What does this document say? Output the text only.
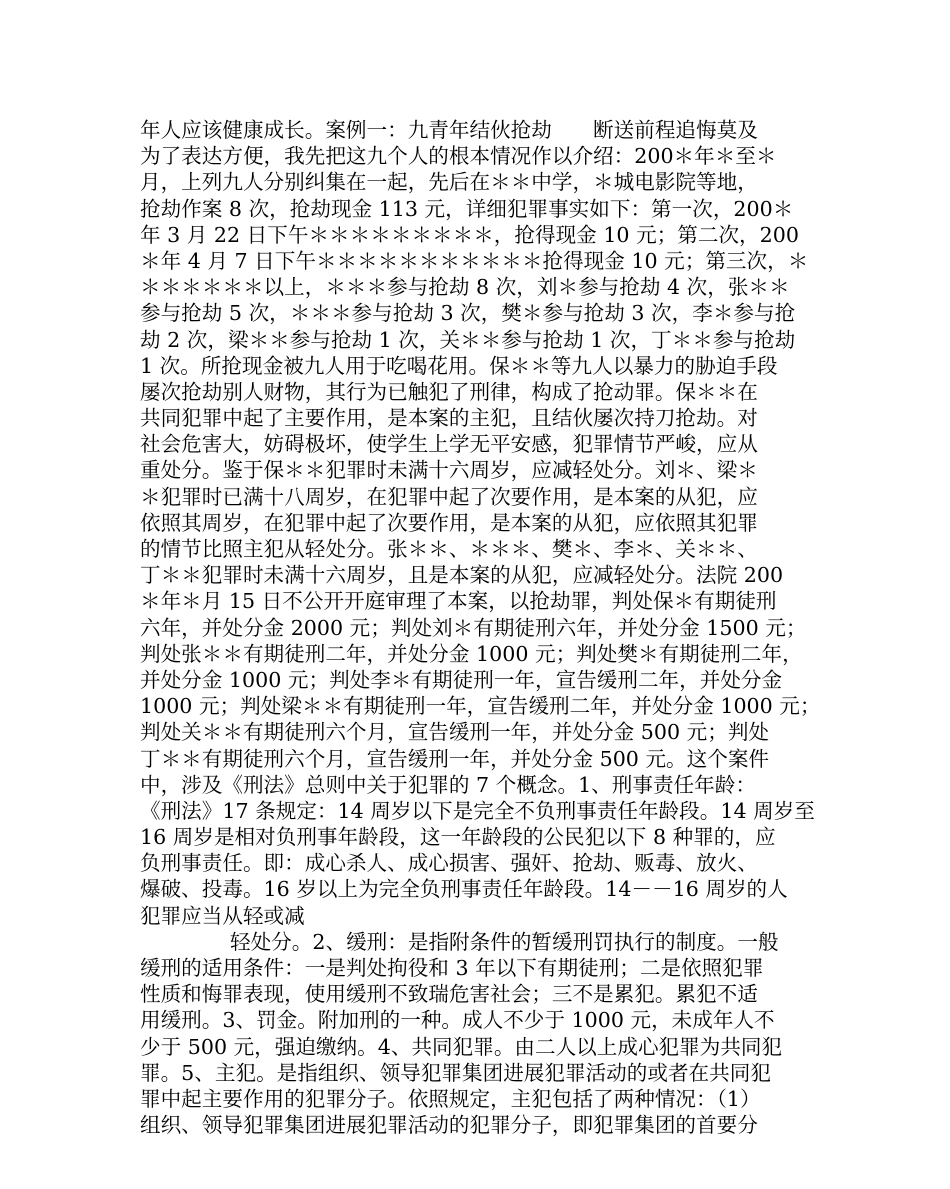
年人应该健康成长。案例一：九青年结伙抢劫　　断送前程追悔莫及
为了表达方便，我先把这九个人的根本情况作以介绍：200＊年＊至＊
月，上列九人分别纠集在一起，先后在＊＊中学，＊城电影院等地，
抢劫作案 8 次，抢劫现金 113 元，详细犯罪事实如下：第一次，200＊
年 3 月 22 日下午＊＊＊＊＊＊＊＊＊，抢得现金 10 元；第二次，200
＊年 4 月 7 日下午＊＊＊＊＊＊＊＊＊＊＊抢得现金 10 元；第三次，＊
＊＊＊＊＊＊以上，＊＊＊参与抢劫 8 次，刘＊参与抢劫 4 次，张＊＊
参与抢劫 5 次，＊＊＊参与抢劫 3 次，樊＊参与抢劫 3 次，李＊参与抢
劫 2 次，梁＊＊参与抢劫 1 次，关＊＊参与抢劫 1 次，丁＊＊参与抢劫
1 次。所抢现金被九人用于吃喝花用。保＊＊等九人以暴力的胁迫手段
屡次抢劫别人财物，其行为已触犯了刑律，构成了抢动罪。保＊＊在
共同犯罪中起了主要作用，是本案的主犯，且结伙屡次持刀抢劫。对
社会危害大，妨碍极坏，使学生上学无平安感，犯罪情节严峻，应从
重处分。鉴于保＊＊犯罪时未满十六周岁，应减轻处分。刘＊、梁＊
＊犯罪时已满十八周岁，在犯罪中起了次要作用，是本案的从犯，应
依照其周岁，在犯罪中起了次要作用，是本案的从犯，应依照其犯罪
的情节比照主犯从轻处分。张＊＊、＊＊＊、樊＊、李＊、关＊＊、
丁＊＊犯罪时未满十六周岁，且是本案的从犯，应减轻处分。法院 200
＊年＊月 15 日不公开开庭审理了本案，以抢劫罪，判处保＊有期徒刑
六年，并处分金 2000 元；判处刘＊有期徒刑六年，并处分金 1500 元；
判处张＊＊有期徒刑二年，并处分金 1000 元；判处樊＊有期徒刑二年，
并处分金 1000 元；判处李＊有期徒刑一年，宣告缓刑二年，并处分金
1000 元；判处梁＊＊有期徒刑一年，宣告缓刑二年，并处分金 1000 元；
判处关＊＊有期徒刑六个月，宣告缓刑一年，并处分金 500 元；判处
丁＊＊有期徒刑六个月，宣告缓刑一年，并处分金 500 元。这个案件
中，涉及《刑法》总则中关于犯罪的 7 个概念。1、刑事责任年龄：
《刑法》17 条规定：14 周岁以下是完全不负刑事责任年龄段。14 周岁至
16 周岁是相对负刑事年龄段，这一年龄段的公民犯以下 8 种罪的，应
负刑事责任。即：成心杀人、成心损害、强奸、抢劫、贩毒、放火、
爆破、投毒。16 岁以上为完全负刑事责任年龄段。14－－16 周岁的人
犯罪应当从轻或减
轻处分。2、缓刑：是指附条件的暂缓刑罚执行的制度。一般
缓刑的适用条件：一是判处拘役和 3 年以下有期徒刑；二是依照犯罪
性质和悔罪表现，使用缓刑不致瑞危害社会；三不是累犯。累犯不适
用缓刑。3、罚金。附加刑的一种。成人不少于 1000 元，未成年人不
少于 500 元，强迫缴纳。4、共同犯罪。由二人以上成心犯罪为共同犯
罪。5、主犯。是指组织、领导犯罪集团进展犯罪活动的或者在共同犯
罪中起主要作用的犯罪分子。依照规定，主犯包括了两种情况：（1）
组织、领导犯罪集团进展犯罪活动的犯罪分子，即犯罪集团的首要分
